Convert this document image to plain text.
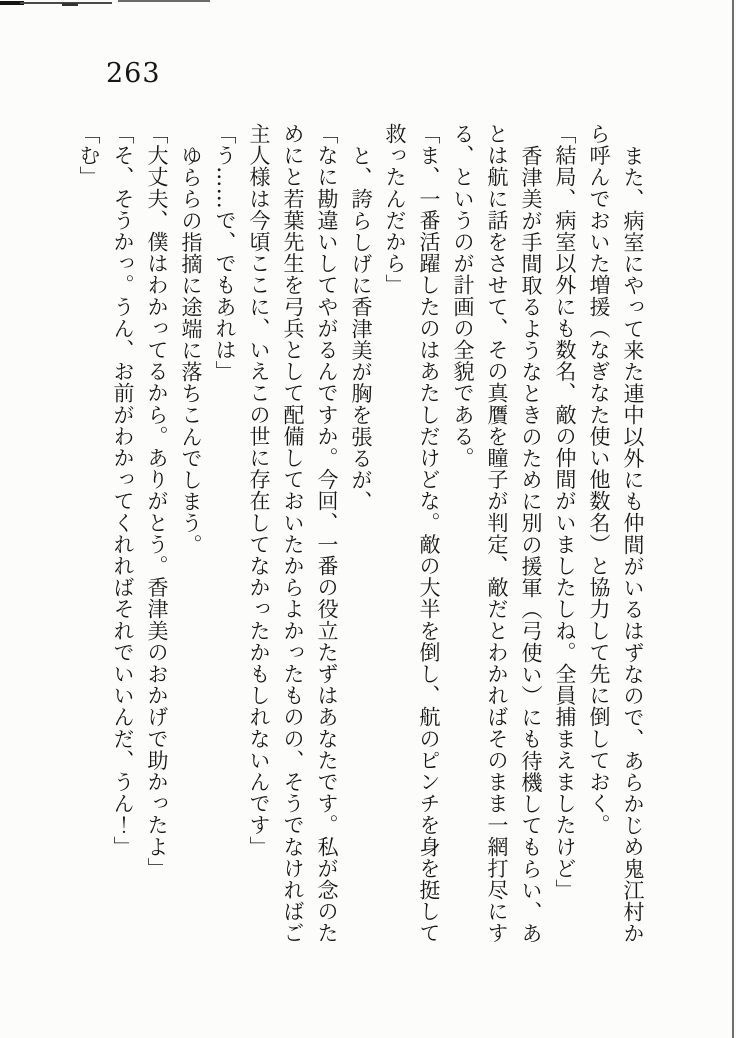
263

また、病室にやって来た連中以外にも仲間がいるはずなので、あらかじめ鬼江村から呼んでおいた増援（なぎなた使い他数名）と協力して先に倒しておく。

「結局、病室以外にも数名、敵の仲間がいましたしね。全員捕まえましたけど」

香津美が手間取るようなときのために別の援軍（弓使い）にも待機してもらい、あとは航に話をさせて、その真贋を瞳子が判定、敵だとわかればそのまま一網打尽にする、というのが計画の全貌である。

「ま、一番活躍したのはあたしだけどな。敵の大半を倒し、航のピンチを身を挺して救ったんだから」

と、誇らしげに香津美が胸を張るが、

「なに勘違いしてやがるんですか。今回、一番の役立たずはあなたです。私が念のためにと若葉先生を弓兵として配備しておいたからよかったものの、そうでなければご主人様は今頃ここに、いえこの世に存在してなかったかもしれないんです」

「う……で、でもあれは」

ゆららの指摘に途端に落ちこんでしまう。

「大丈夫、僕はわかってるから。ありがとう。香津美のおかげで助かったよ」

「そ、そうかっ。うん、お前がわかってくれればそれでいいんだ、うん！」

「む」
